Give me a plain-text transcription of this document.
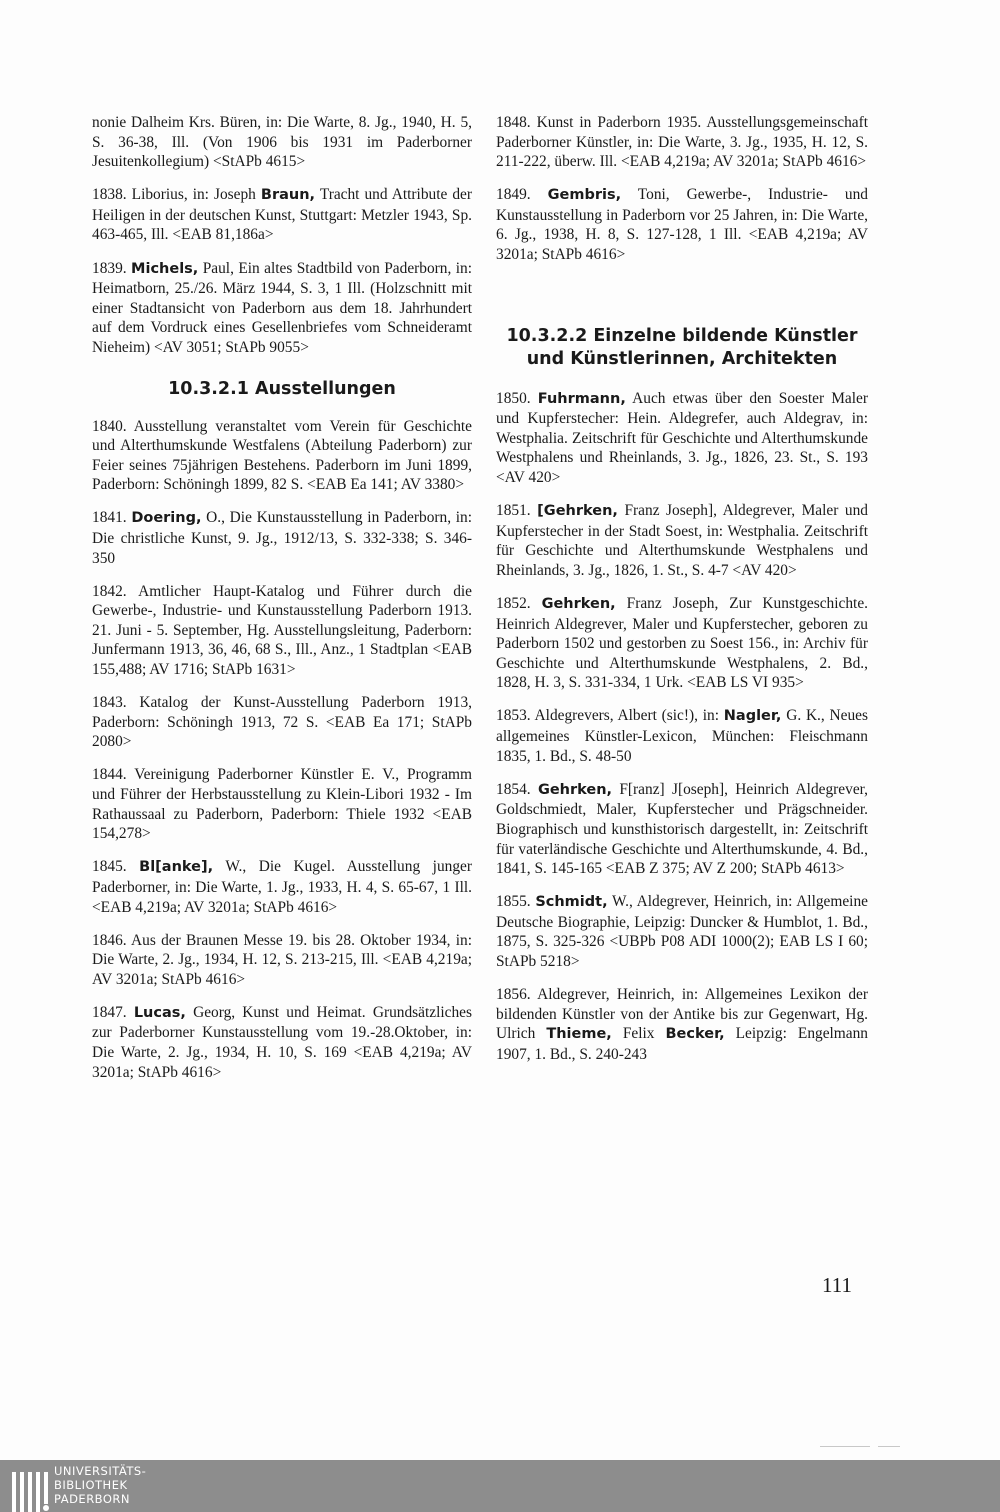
nonie Dalheim Krs. Büren, in: Die Warte, 8. Jg., 1940, H. 5, S. 36-38, Ill. (Von 1906 bis 1931 im Paderborner Jesuitenkollegium) <StAPb 4615>
1838. Liborius, in: Joseph Braun, Tracht und Attribute der Heiligen in der deutschen Kunst, Stuttgart: Metzler 1943, Sp. 463-465, Ill. <EAB 81,186a>
1839. Michels, Paul, Ein altes Stadtbild von Paderborn, in: Heimatborn, 25./26. März 1944, S. 3, 1 Ill. (Holzschnitt mit einer Stadtansicht von Paderborn aus dem 18. Jahrhundert auf dem Vordruck eines Gesellenbriefes vom Schneideramt Nieheim) <AV 3051; StAPb 9055>
10.3.2.1 Ausstellungen
1840. Ausstellung veranstaltet vom Verein für Geschichte und Alterthumskunde Westfalens (Abteilung Paderborn) zur Feier seines 75jährigen Bestehens. Paderborn im Juni 1899, Paderborn: Schöningh 1899, 82 S. <EAB Ea 141; AV 3380>
1841. Doering, O., Die Kunstausstellung in Paderborn, in: Die christliche Kunst, 9. Jg., 1912/13, S. 332-338; S. 346-350
1842. Amtlicher Haupt-Katalog und Führer durch die Gewerbe-, Industrie- und Kunstausstellung Paderborn 1913. 21. Juni - 5. September, Hg. Ausstellungsleitung, Paderborn: Junfermann 1913, 36, 46, 68 S., Ill., Anz., 1 Stadtplan <EAB 155,488; AV 1716; StAPb 1631>
1843. Katalog der Kunst-Ausstellung Paderborn 1913, Paderborn: Schöningh 1913, 72 S. <EAB Ea 171; StAPb 2080>
1844. Vereinigung Paderborner Künstler E. V., Programm und Führer der Herbstausstellung zu Klein-Libori 1932 - Im Rathaussaal zu Paderborn, Paderborn: Thiele 1932 <EAB 154,278>
1845. Bl[anke], W., Die Kugel. Ausstellung junger Paderborner, in: Die Warte, 1. Jg., 1933, H. 4, S. 65-67, 1 Ill. <EAB 4,219a; AV 3201a; StAPb 4616>
1846. Aus der Braunen Messe 19. bis 28. Oktober 1934, in: Die Warte, 2. Jg., 1934, H. 12, S. 213-215, Ill. <EAB 4,219a; AV 3201a; StAPb 4616>
1847. Lucas, Georg, Kunst und Heimat. Grundsätzliches zur Paderborner Kunstausstellung vom 19.-28.Oktober, in: Die Warte, 2. Jg., 1934, H. 10, S. 169 <EAB 4,219a; AV 3201a; StAPb 4616>
1848. Kunst in Paderborn 1935. Ausstellungsgemeinschaft Paderborner Künstler, in: Die Warte, 3. Jg., 1935, H. 12, S. 211-222, überw. Ill. <EAB 4,219a; AV 3201a; StAPb 4616>
1849. Gembris, Toni, Gewerbe-, Industrie- und Kunstausstellung in Paderborn vor 25 Jahren, in: Die Warte, 6. Jg., 1938, H. 8, S. 127-128, 1 Ill. <EAB 4,219a; AV 3201a; StAPb 4616>
10.3.2.2 Einzelne bildende Künstler und Künstlerinnen, Architekten
1850. Fuhrmann, Auch etwas über den Soester Maler und Kupferstecher: Hein. Aldegrefer, auch Aldegrav, in: Westphalia. Zeitschrift für Geschichte und Alterthumskunde Westphalens und Rheinlands, 3. Jg., 1826, 23. St., S. 193 <AV 420>
1851. [Gehrken, Franz Joseph], Aldegrever, Maler und Kupferstecher in der Stadt Soest, in: Westphalia. Zeitschrift für Geschichte und Alterthumskunde Westphalens und Rheinlands, 3. Jg., 1826, 1. St., S. 4-7 <AV 420>
1852. Gehrken, Franz Joseph, Zur Kunstgeschichte. Heinrich Aldegrever, Maler und Kupferstecher, geboren zu Paderborn 1502 und gestorben zu Soest 156., in: Archiv für Geschichte und Alterthumskunde Westphalens, 2. Bd., 1828, H. 3, S. 331-334, 1 Urk. <EAB LS VI 935>
1853. Aldegrevers, Albert (sic!), in: Nagler, G. K., Neues allgemeines Künstler-Lexicon, München: Fleischmann 1835, 1. Bd., S. 48-50
1854. Gehrken, F[ranz] J[oseph], Heinrich Aldegrever, Goldschmiedt, Maler, Kupferstecher und Prägschneider. Biographisch und kunsthistorisch dargestellt, in: Zeitschrift für vaterländische Geschichte und Alterthumskunde, 4. Bd., 1841, S. 145-165 <EAB Z 375; AV Z 200; StAPb 4613>
1855. Schmidt, W., Aldegrever, Heinrich, in: Allgemeine Deutsche Biographie, Leipzig: Duncker & Humblot, 1. Bd., 1875, S. 325-326 <UBPb P08 ADI 1000(2); EAB LS I 60; StAPb 5218>
1856. Aldegrever, Heinrich, in: Allgemeines Lexikon der bildenden Künstler von der Antike bis zur Gegenwart, Hg. Ulrich Thieme, Felix Becker, Leipzig: Engelmann 1907, 1. Bd., S. 240-243
111
UNIVERSITÄTS-
BIBLIOTHEK
PADERBORN
